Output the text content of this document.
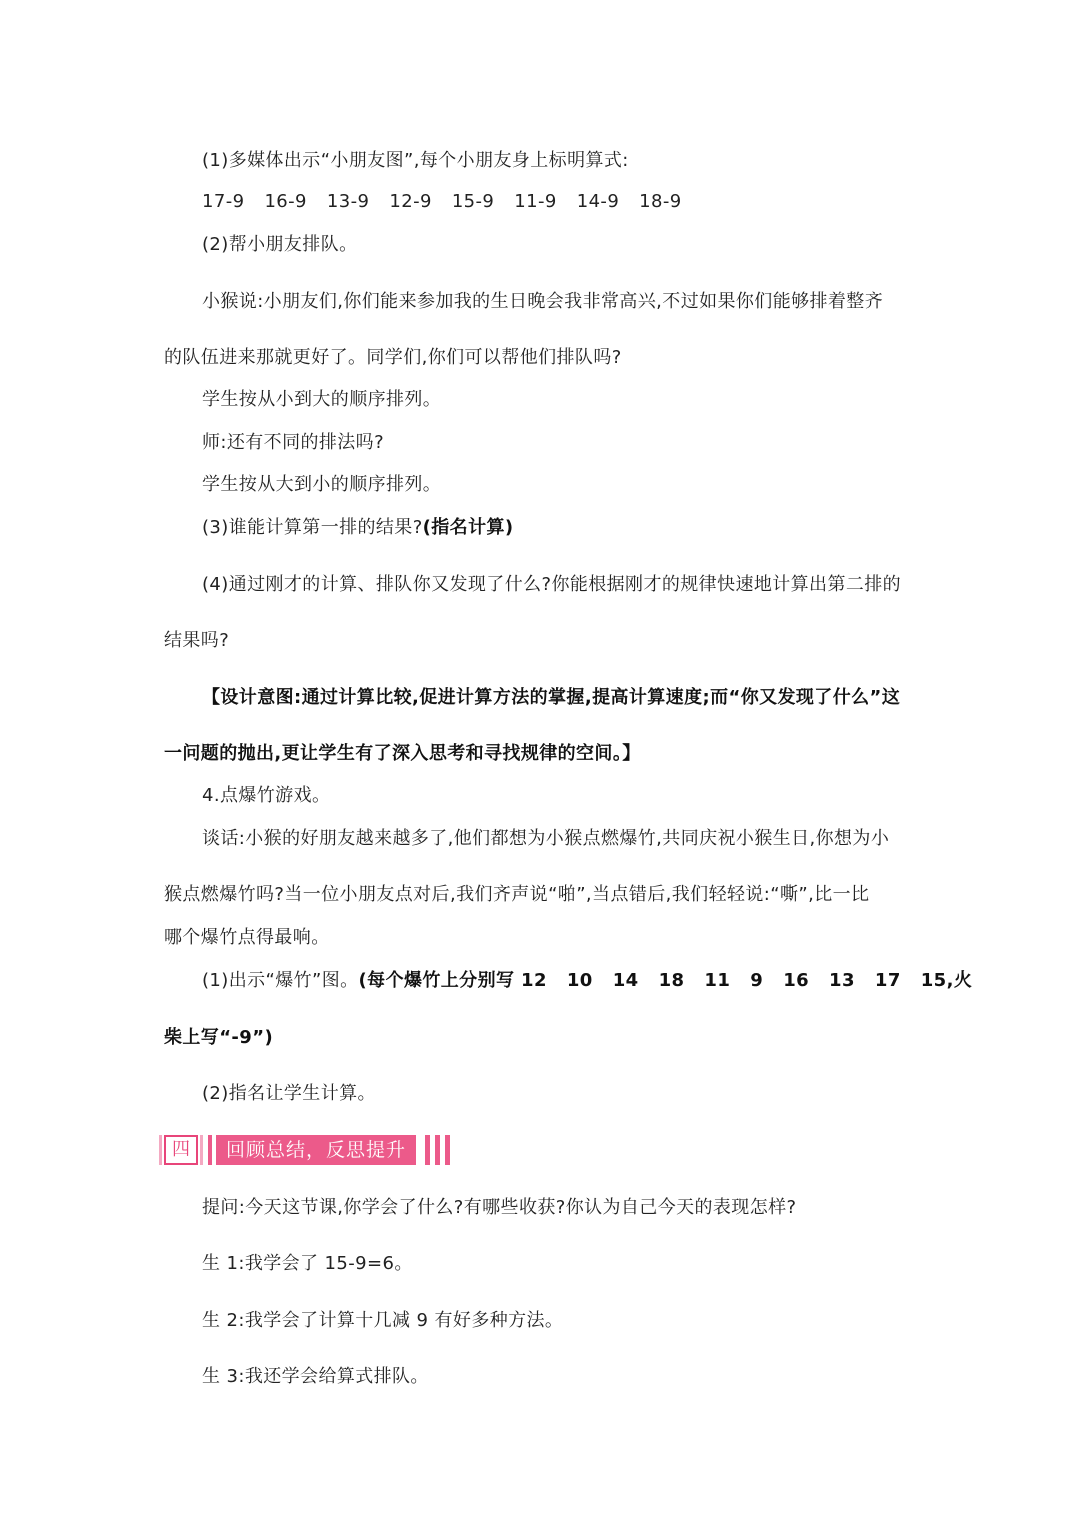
(1)多媒体出示“小朋友图”,每个小朋友身上标明算式:
17-9 16-9 13-9 12-9 15-9 11-9 14-9 18-9
(2)帮小朋友排队。
小猴说:小朋友们,你们能来参加我的生日晚会我非常高兴,不过如果你们能够排着整齐
的队伍进来那就更好了。同学们,你们可以帮他们排队吗?
学生按从小到大的顺序排列。
师:还有不同的排法吗?
学生按从大到小的顺序排列。
(3)谁能计算第一排的结果?(指名计算)
(4)通过刚才的计算、排队你又发现了什么?你能根据刚才的规律快速地计算出第二排的
结果吗?
【设计意图:通过计算比较,促进计算方法的掌握,提高计算速度;而“你又发现了什么”这
一问题的抛出,更让学生有了深入思考和寻找规律的空间。】
4.点爆竹游戏。
谈话:小猴的好朋友越来越多了,他们都想为小猴点燃爆竹,共同庆祝小猴生日,你想为小
猴点燃爆竹吗?当一位小朋友点对后,我们齐声说“啪”,当点错后,我们轻轻说:“嘶”,比一比
哪个爆竹点得最响。
(1)出示“爆竹”图。(每个爆竹上分别写 12   10   14   18   11   9   16   13   17   15,火
柴上写“-9”)
(2)指名让学生计算。
四	回顾总结，反思提升
提问:今天这节课,你学会了什么?有哪些收获?你认为自己今天的表现怎样?
生 1:我学会了 15-9=6。
生 2:我学会了计算十几减 9 有好多种方法。
生 3:我还学会给算式排队。
